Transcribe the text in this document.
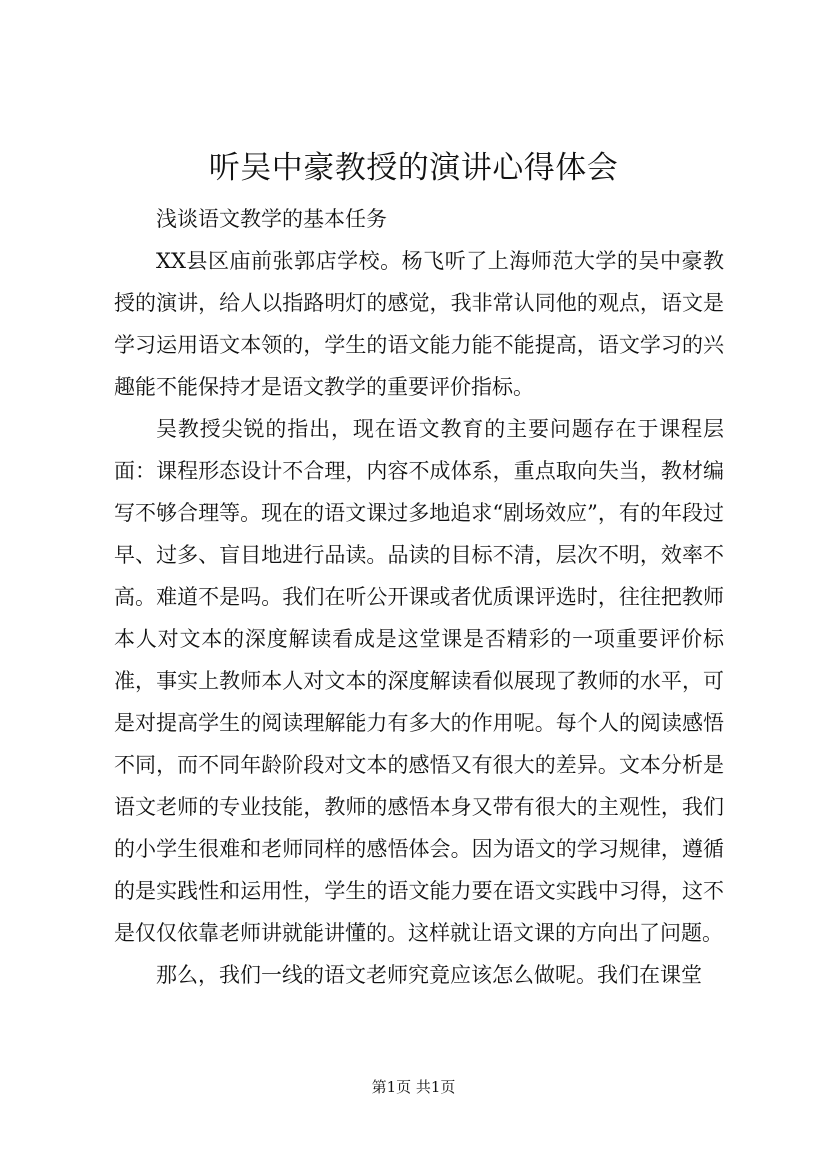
听吴中豪教授的演讲心得体会

浅谈语文教学的基本任务

XX县区庙前张郭店学校。杨飞听了上海师范大学的吴中豪教授的演讲，给人以指路明灯的感觉，我非常认同他的观点，语文是学习运用语文本领的，学生的语文能力能不能提高，语文学习的兴趣能不能保持才是语文教学的重要评价指标。

吴教授尖锐的指出，现在语文教育的主要问题存在于课程层面：课程形态设计不合理，内容不成体系，重点取向失当，教材编写不够合理等。现在的语文课过多地追求“剧场效应”，有的年段过早、过多、盲目地进行品读。品读的目标不清，层次不明，效率不高。难道不是吗。我们在听公开课或者优质课评选时，往往把教师本人对文本的深度解读看成是这堂课是否精彩的一项重要评价标准，事实上教师本人对文本的深度解读看似展现了教师的水平，可是对提高学生的阅读理解能力有多大的作用呢。每个人的阅读感悟不同，而不同年龄阶段对文本的感悟又有很大的差异。文本分析是语文老师的专业技能，教师的感悟本身又带有很大的主观性，我们的小学生很难和老师同样的感悟体会。因为语文的学习规律，遵循的是实践性和运用性，学生的语文能力要在语文实践中习得，这不是仅仅依靠老师讲就能讲懂的。这样就让语文课的方向出了问题。

那么，我们一线的语文老师究竟应该怎么做呢。我们在课堂

第1页 共1页
